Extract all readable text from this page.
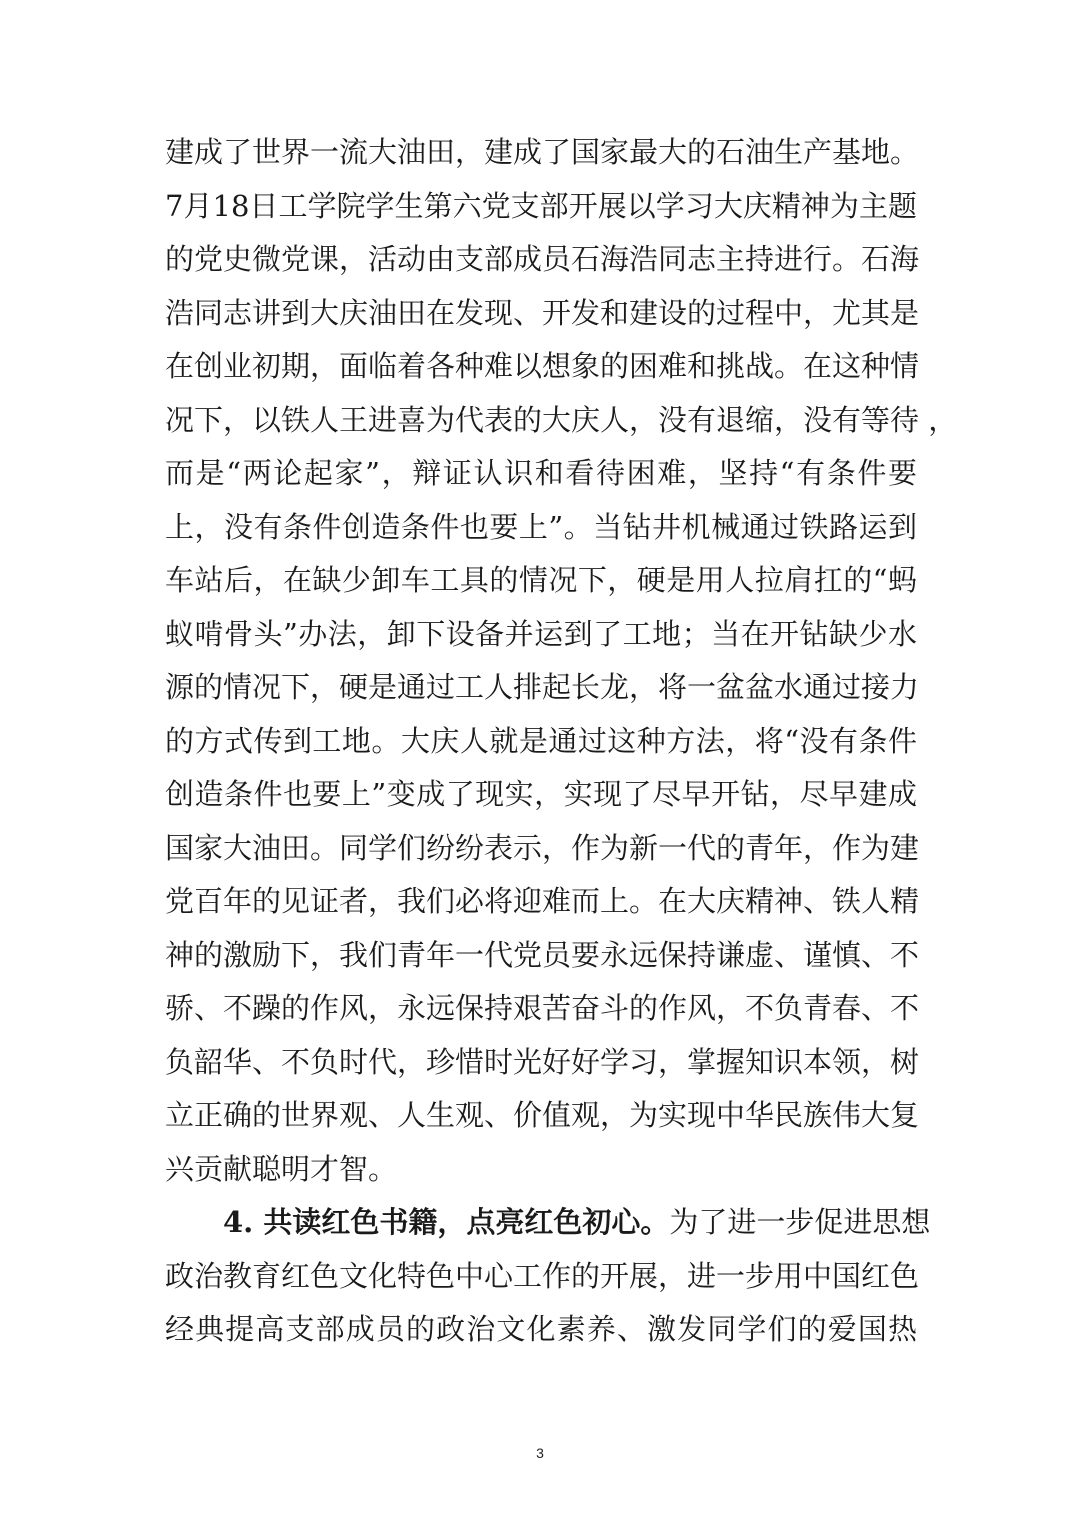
建成了世界一流大油田，建成了国家最大的石油生产基地。
7月18日工学院学生第六党支部开展以学习大庆精神为主题
的党史微党课，活动由支部成员石海浩同志主持进行。石海
浩同志讲到大庆油田在发现、开发和建设的过程中，尤其是
在创业初期，面临着各种难以想象的困难和挑战。在这种情
况下，以铁人王进喜为代表的大庆人，没有退缩，没有等待 ，
而是“两论起家”，辩证认识和看待困难，坚持“有条件要
上，没有条件创造条件也要上”。当钻井机械通过铁路运到
车站后，在缺少卸车工具的情况下，硬是用人拉肩扛的“蚂
蚁啃骨头”办法，卸下设备并运到了工地；当在开钻缺少水
源的情况下，硬是通过工人排起长龙，将一盆盆水通过接力
的方式传到工地。大庆人就是通过这种方法，将“没有条件
创造条件也要上”变成了现实，实现了尽早开钻，尽早建成
国家大油田。同学们纷纷表示，作为新一代的青年，作为建
党百年的见证者，我们必将迎难而上。在大庆精神、铁人精
神的激励下，我们青年一代党员要永远保持谦虚、谨慎、不
骄、不躁的作风，永远保持艰苦奋斗的作风，不负青春、不
负韶华、不负时代，珍惜时光好好学习，掌握知识本领，树
立正确的世界观、人生观、价值观，为实现中华民族伟大复
兴贡献聪明才智。
4. 共读红色书籍，点亮红色初心。为了进一步促进思想
政治教育红色文化特色中心工作的开展，进一步用中国红色
经典提高支部成员的政治文化素养、激发同学们的爱国热
3
